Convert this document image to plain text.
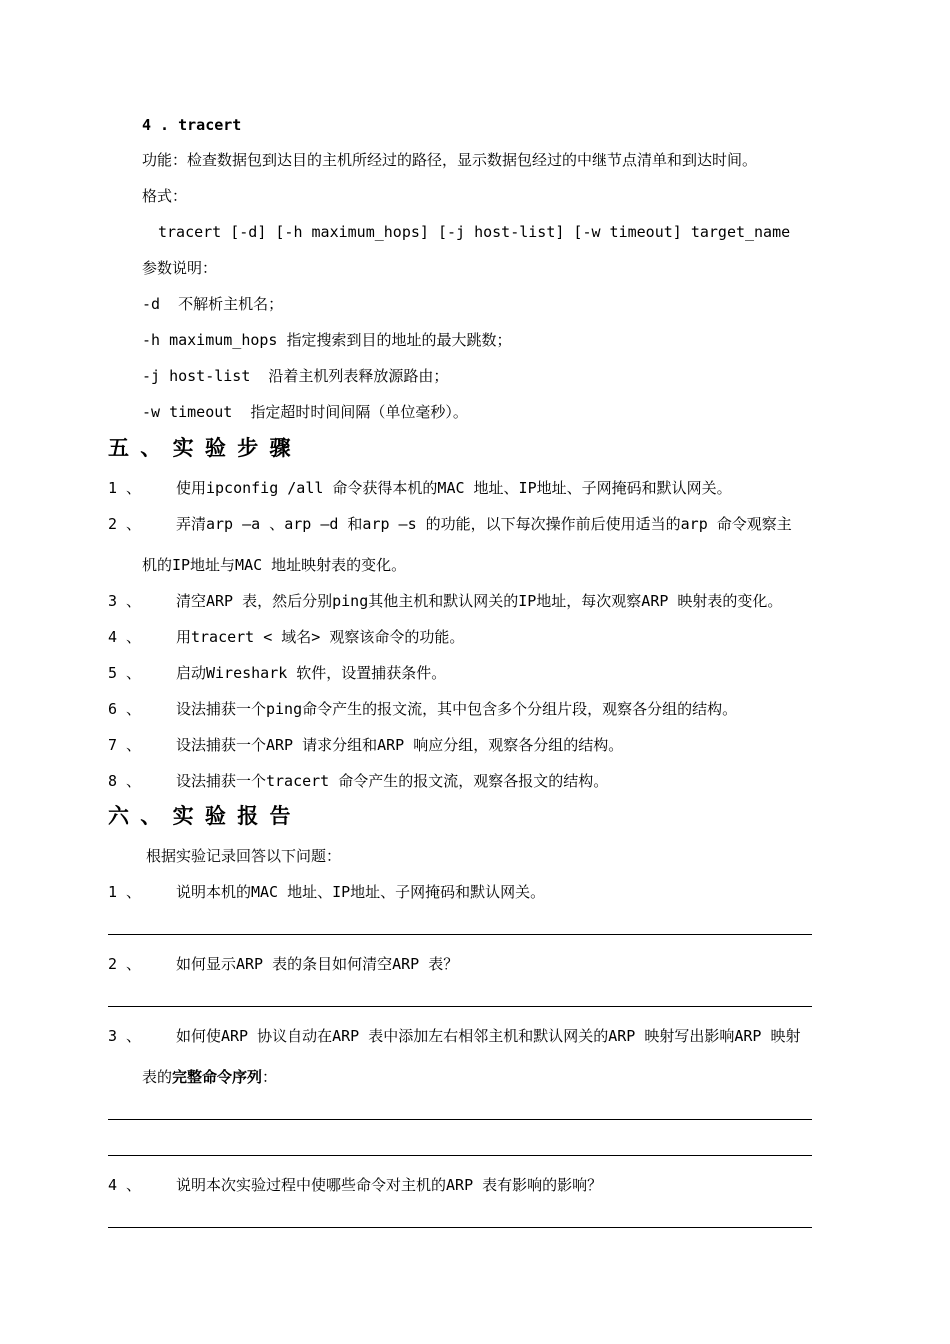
4 . tracert
功能：检查数据包到达目的主机所经过的路径，显示数据包经过的中继节点清单和到达时间。
格式：
tracert [-d] [-h maximum_hops] [-j host-list] [-w timeout] target_name
参数说明：
-d  不解析主机名；
-h maximum_hops 指定搜索到目的地址的最大跳数；
-j host-list  沿着主机列表释放源路由；
-w timeout  指定超时时间间隔（单位毫秒）。
五 、 实 验 步 骤
1 、 使用ipconfig /all 命令获得本机的MAC 地址、IP地址、子网掩码和默认网关。
2 、 弄清arp –a 、arp –d 和arp –s 的功能，以下每次操作前后使用适当的arp 命令观察主
机的IP地址与MAC 地址映射表的变化。
3 、 清空ARP 表，然后分别ping其他主机和默认网关的IP地址，每次观察ARP 映射表的变化。
4 、 用tracert < 域名> 观察该命令的功能。
5 、 启动Wireshark 软件，设置捕获条件。
6 、 设法捕获一个ping命令产生的报文流，其中包含多个分组片段，观察各分组的结构。
7 、 设法捕获一个ARP 请求分组和ARP 响应分组，观察各分组的结构。
8 、 设法捕获一个tracert 命令产生的报文流，观察各报文的结构。
六 、 实 验 报 告
根据实验记录回答以下问题：
1 、 说明本机的MAC 地址、IP地址、子网掩码和默认网关。
2 、 如何显示ARP 表的条目如何清空ARP 表？
3 、 如何使ARP 协议自动在ARP 表中添加左右相邻主机和默认网关的ARP 映射写出影响ARP 映射
表的完整命令序列：
4 、 说明本次实验过程中使哪些命令对主机的ARP 表有影响的影响？
